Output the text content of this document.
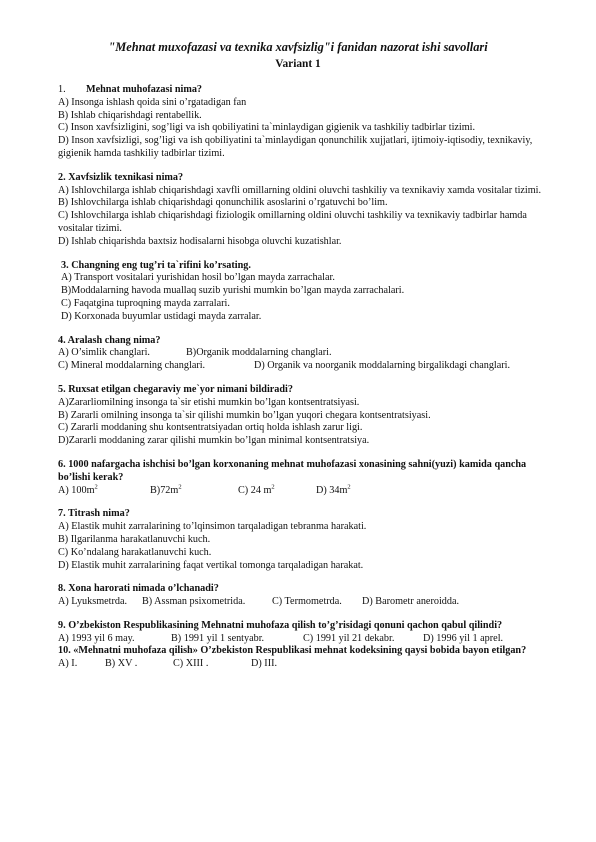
"Mehnat muxofazasi va texnika xavfsizlig"i fanidan nazorat ishi savollari
Variant 1
1. Mehnat muhofazasi nima?

A) Insonga ishlash qoida sini o’rgatadigan fan

B) Ishlab chiqarishdagi rentabellik.

C) Inson xavfsizligini, sog’ligi va ish qobiliyatini ta`minlaydigan gigienik va tashkiliy tadbirlar tizimi.

D) Inson xavfsizligi, sog’ligi va ish qobiliyatini ta`minlaydigan qonunchilik xujjatlari, ijtimoiy-iqtisodiy, texnikaviy, gigienik hamda tashkiliy tadbirlar tizimi.

2. Xavfsizlik texnikasi nima?

A) Ishlovchilarga ishlab chiqarishdagi xavfli omillarning oldini oluvchi tashkiliy va texnikaviy xamda vositalar tizimi.

B) Ishlovchilarga ishlab chiqarishdagi qonunchilik asoslarini o’rgatuvchi bo’lim.

C) Ishlovchilarga ishlab chiqarishdagi fiziologik omillarning oldini oluvchi tashkiliy va texnikaviy tadbirlar hamda vositalar tizimi.

D) Ishlab chiqarishda baxtsiz hodisalarni hisobga oluvchi kuzatishlar.

3. Changning eng tug’ri ta`rifini ko’rsating.

A) Transport vositalari yurishidan hosil bo’lgan mayda zarrachalar.

B)Moddalarning havoda muallaq suzib yurishi mumkin bo’lgan mayda zarrachalari.

C) Faqatgina tuproqning mayda zarralari.

D) Korxonada buyumlar ustidagi mayda zarralar.

4. Aralash chang nima?
A) O’simlik changlari.	B)Organik moddalarning changlari.
C) Mineral moddalarning changlari.	D) Organik va noorganik moddalarning birgalikdagi changlari.
5. Ruxsat etilgan chegaraviy me`yor nimani bildiradi?

A)Zararliomilning insonga ta`sir etishi mumkin bo’lgan kontsentratsiyasi.

B) Zararli omilning insonga ta`sir qilishi mumkin bo’lgan yuqori chegara kontsentratsiyasi.

C) Zararli moddaning shu kontsentratsiyadan ortiq holda ishlash zarur ligi.

D)Zararli moddaning zarar qilishi mumkin bo’lgan minimal kontsentratsiya.

6. 1000 nafargacha ishchisi bo’lgan korxonaning mehnat muhofazasi xonasining sahni(yuzi) kamida qancha bo’lishi kerak?
A) $100m^2$	$B)72m^2$	C) 24 $m^2$	D) $34m^2$
7. Titrash nima?

A) Elastik muhit zarralarining to’lqinsimon tarqaladigan tebranma harakati.

B) Ilgarilanma harakatlanuvchi kuch.

C) Ko’ndalang harakatlanuvchi kuch.

D) Elastik muhit zarralarining faqat vertikal tomonga tarqaladigan harakat.

8. Xona harorati nimada o’lchanadi?
A) Lyuksmetrda. B) Assman psixometrida.	C) Termometrda. D) Barometr aneroidda.
9. O’zbekiston Respublikasining Mehnatni muhofaza qilish to’g’risidagi qonuni qachon qabul qilindi?
A) 1993 yil 6 may.	B) 1991 yil 1 sentyabr.	C) 1991 yil 21 dekabr.	D) 1996 yil 1 aprel.
10. «Mehnatni muhofaza qilish» O’zbekiston Respublikasi mehnat kodeksining qaysi bobida bayon etilgan?
A) I.	B) XV .	C) XIII .	D) III.
